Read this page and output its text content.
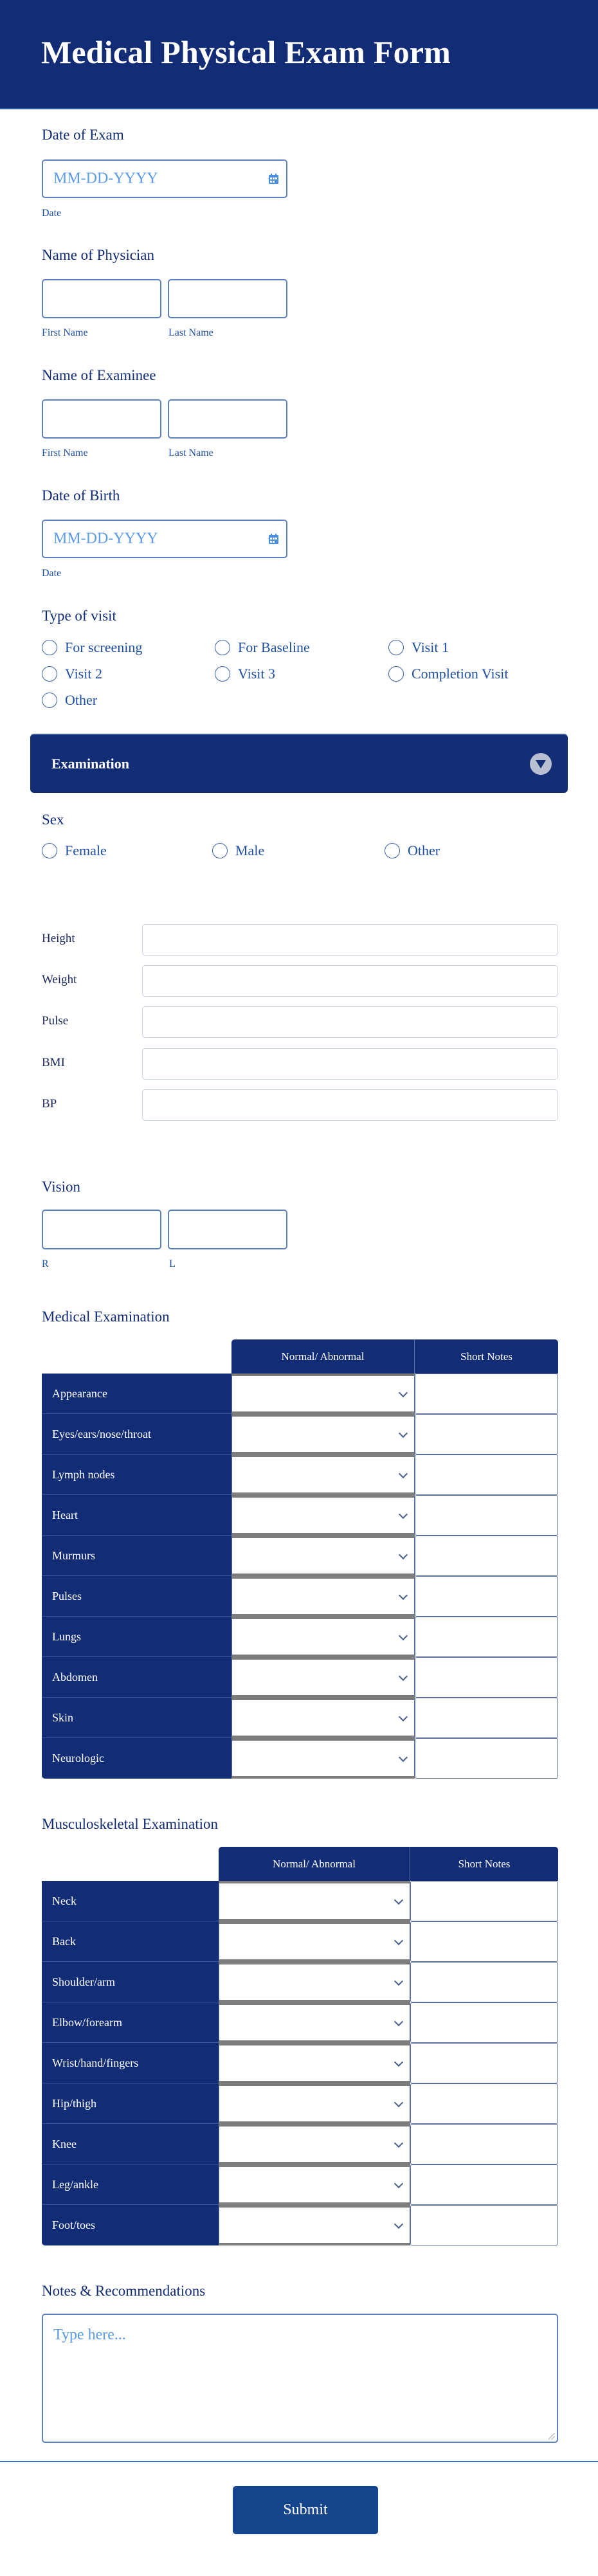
Medical Physical Exam Form
Date of Exam
MM-DD-YYYY
Date
Name of Physician
First Name	Last Name
Name of Examinee
First Name	Last Name
Date of Birth
MM-DD-YYYY
Date
Type of visit
For screening	For Baseline	Visit 1
Visit 2	Visit 3	Completion Visit
Other
Examination
Sex
Female	Male	Other
Height
Weight
Pulse
BMI
BP
Vision
R	L
Medical Examination
Normal/ Abnormal	Short Notes
Appearance
Eyes/ears/nose/throat
Lymph nodes
Heart
Murmurs
Pulses
Lungs
Abdomen
Skin
Neurologic
Musculoskeletal Examination
Normal/ Abnormal	Short Notes
Neck
Back
Shoulder/arm
Elbow/forearm
Wrist/hand/fingers
Hip/thigh
Knee
Leg/ankle
Foot/toes
Notes & Recommendations
Type here...
Submit
